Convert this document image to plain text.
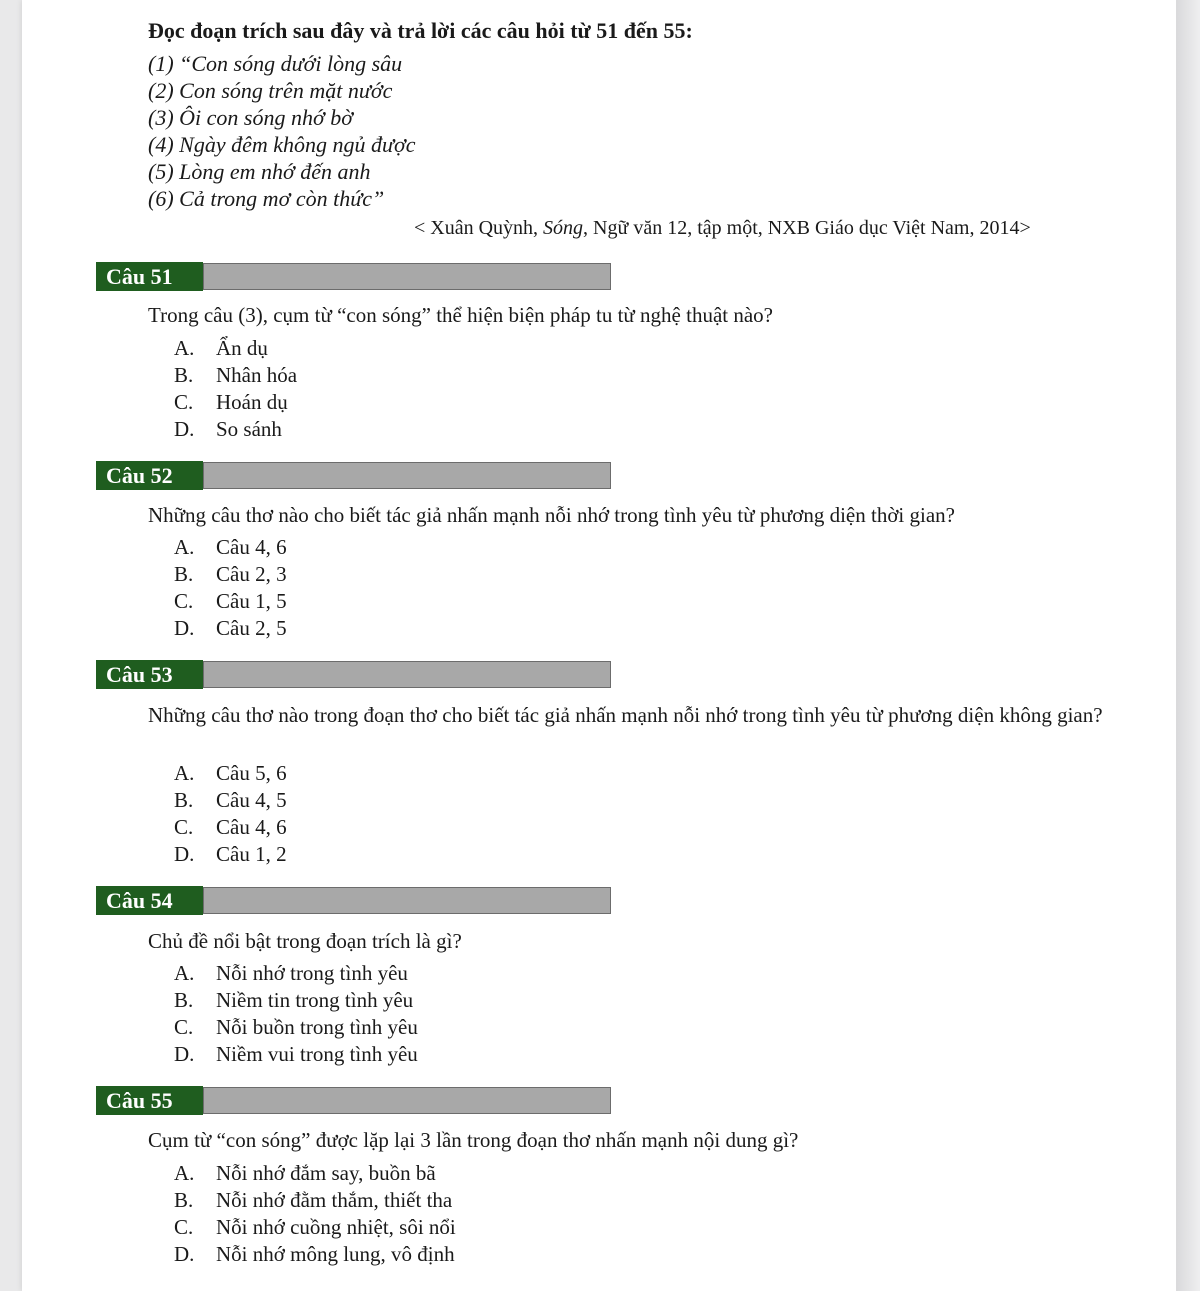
Đọc đoạn trích sau đây và trả lời các câu hỏi từ 51 đến 55:
(1) “Con sóng dưới lòng sâu
(2) Con sóng trên mặt nước
(3) Ôi con sóng nhớ bờ
(4) Ngày đêm không ngủ được
(5) Lòng em nhớ đến anh
(6) Cả trong mơ còn thức”
< Xuân Quỳnh, Sóng, Ngữ văn 12, tập một, NXB Giáo dục Việt Nam, 2014>
Câu 51
Trong câu (3), cụm từ “con sóng” thể hiện biện pháp tu từ nghệ thuật nào?
A.	Ẩn dụ
B.	Nhân hóa
C.	Hoán dụ
D.	So sánh
Câu 52
Những câu thơ nào cho biết tác giả nhấn mạnh nỗi nhớ trong tình yêu từ phương diện thời gian?
A.	Câu 4, 6
B.	Câu 2, 3
C.	Câu 1, 5
D.	Câu 2, 5
Câu 53
Những câu thơ nào trong đoạn thơ cho biết tác giả nhấn mạnh nỗi nhớ trong tình yêu từ phương diện không gian?
A.	Câu 5, 6
B.	Câu 4, 5
C.	Câu 4, 6
D.	Câu 1, 2
Câu 54
Chủ đề nổi bật trong đoạn trích là gì?
A.	Nỗi nhớ trong tình yêu
B.	Niềm tin trong tình yêu
C.	Nỗi buồn trong tình yêu
D.	Niềm vui trong tình yêu
Câu 55
Cụm từ “con sóng” được lặp lại 3 lần trong đoạn thơ nhấn mạnh nội dung gì?
A.	Nỗi nhớ đắm say, buồn bã
B.	Nỗi nhớ đằm thắm, thiết tha
C.	Nỗi nhớ cuồng nhiệt, sôi nổi
D.	Nỗi nhớ mông lung, vô định
